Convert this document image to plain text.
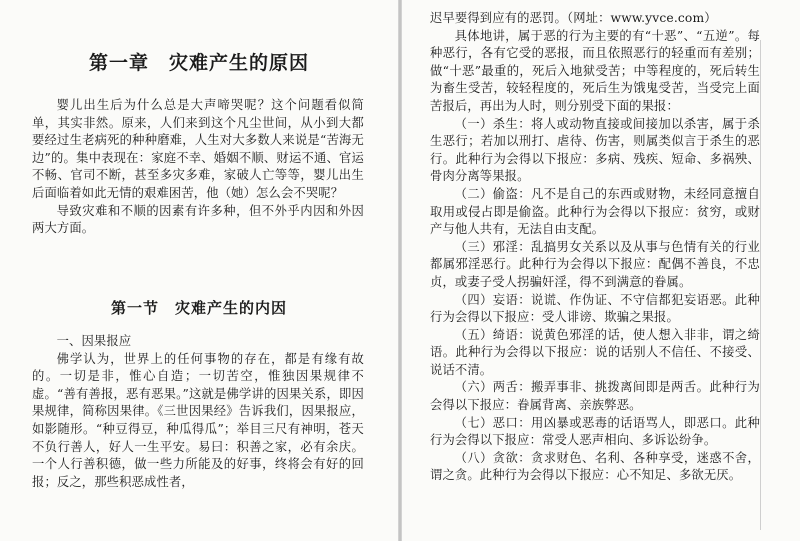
第一章　灾难产生的原因

婴儿出生后为什么总是大声啼哭呢？这个问题看似简单，其实非然。原来，人们来到这个凡尘世间，从小到大都要经过生老病死的种种磨难，人生对大多数人来说是“苦海无边”的。集中表现在：家庭不幸、婚姻不顺、财运不通、官运不畅、官司不断，甚至多灾多难，家破人亡等等，婴儿出生后面临着如此无情的艰难困苦，他（她）怎么会不哭呢？

导致灾难和不顺的因素有许多种，但不外乎内因和外因两大方面。

第一节　灾难产生的内因

一、因果报应

佛学认为，世界上的任何事物的存在，都是有缘有故的。一切是非，惟心自造；一切苦空，惟独因果规律不虚。“善有善报，恶有恶果。”这就是佛学讲的因果关系，即因果规律，简称因果律。《三世因果经》告诉我们，因果报应，如影随形。“种豆得豆，种瓜得瓜”；举目三尺有神明，苍天不负行善人，好人一生平安。易曰：积善之家，必有余庆。一个人行善积德，做一些力所能及的好事，终将会有好的回报；反之，那些积恶成性者，

迟早要得到应有的恶罚。（网址：www.yvce.com）

具体地讲，属于恶的行为主要的有“十恶”、“五逆”。每种恶行，各有它受的恶报，而且依照恶行的轻重而有差别；做“十恶”最重的，死后入地狱受苦；中等程度的，死后转生为畜生受苦，较轻程度的，死后生为饿鬼受苦，当受完上面苦报后，再出为人时，则分别受下面的果报：

（一）杀生：将人或动物直接或间接加以杀害，属于杀生恶行；若加以刑打、虐待、伤害，则属类似言于杀生的恶行。此种行为会得以下报应：多病、残疾、短命、多祸殃、骨肉分离等果报。

（二）偷盗：凡不是自己的东西或财物，未经同意擅自取用或侵占即是偷盗。此种行为会得以下报应：贫穷，或财产与他人共有，无法自由支配。

（三）邪淫：乱搞男女关系以及从事与色情有关的行业都属邪淫恶行。此种行为会得以下报应：配偶不善良，不忠贞，或妻子受人拐骗奸淫，得不到满意的眷属。

（四）妄语：说谎、作伪证、不守信都犯妄语恶。此种行为会得以下报应：受人诽谤、欺骗之果报。

（五）绮语：说黄色邪淫的话，使人想入非非，谓之绮语。此种行为会得以下报应：说的话别人不信任、不接受、说话不清。

（六）两舌：搬弄事非、挑拨离间即是两舌。此种行为会得以下报应：眷属背离、亲族弊恶。

（七）恶口：用凶暴或恶毒的话语骂人，即恶口。此种行为会得以下报应：常受人恶声相向、多诉讼纷争。

（八）贪欲：贪求财色、名利、各种享受，迷惑不舍，谓之贪。此种行为会得以下报应：心不知足、多欲无厌。
